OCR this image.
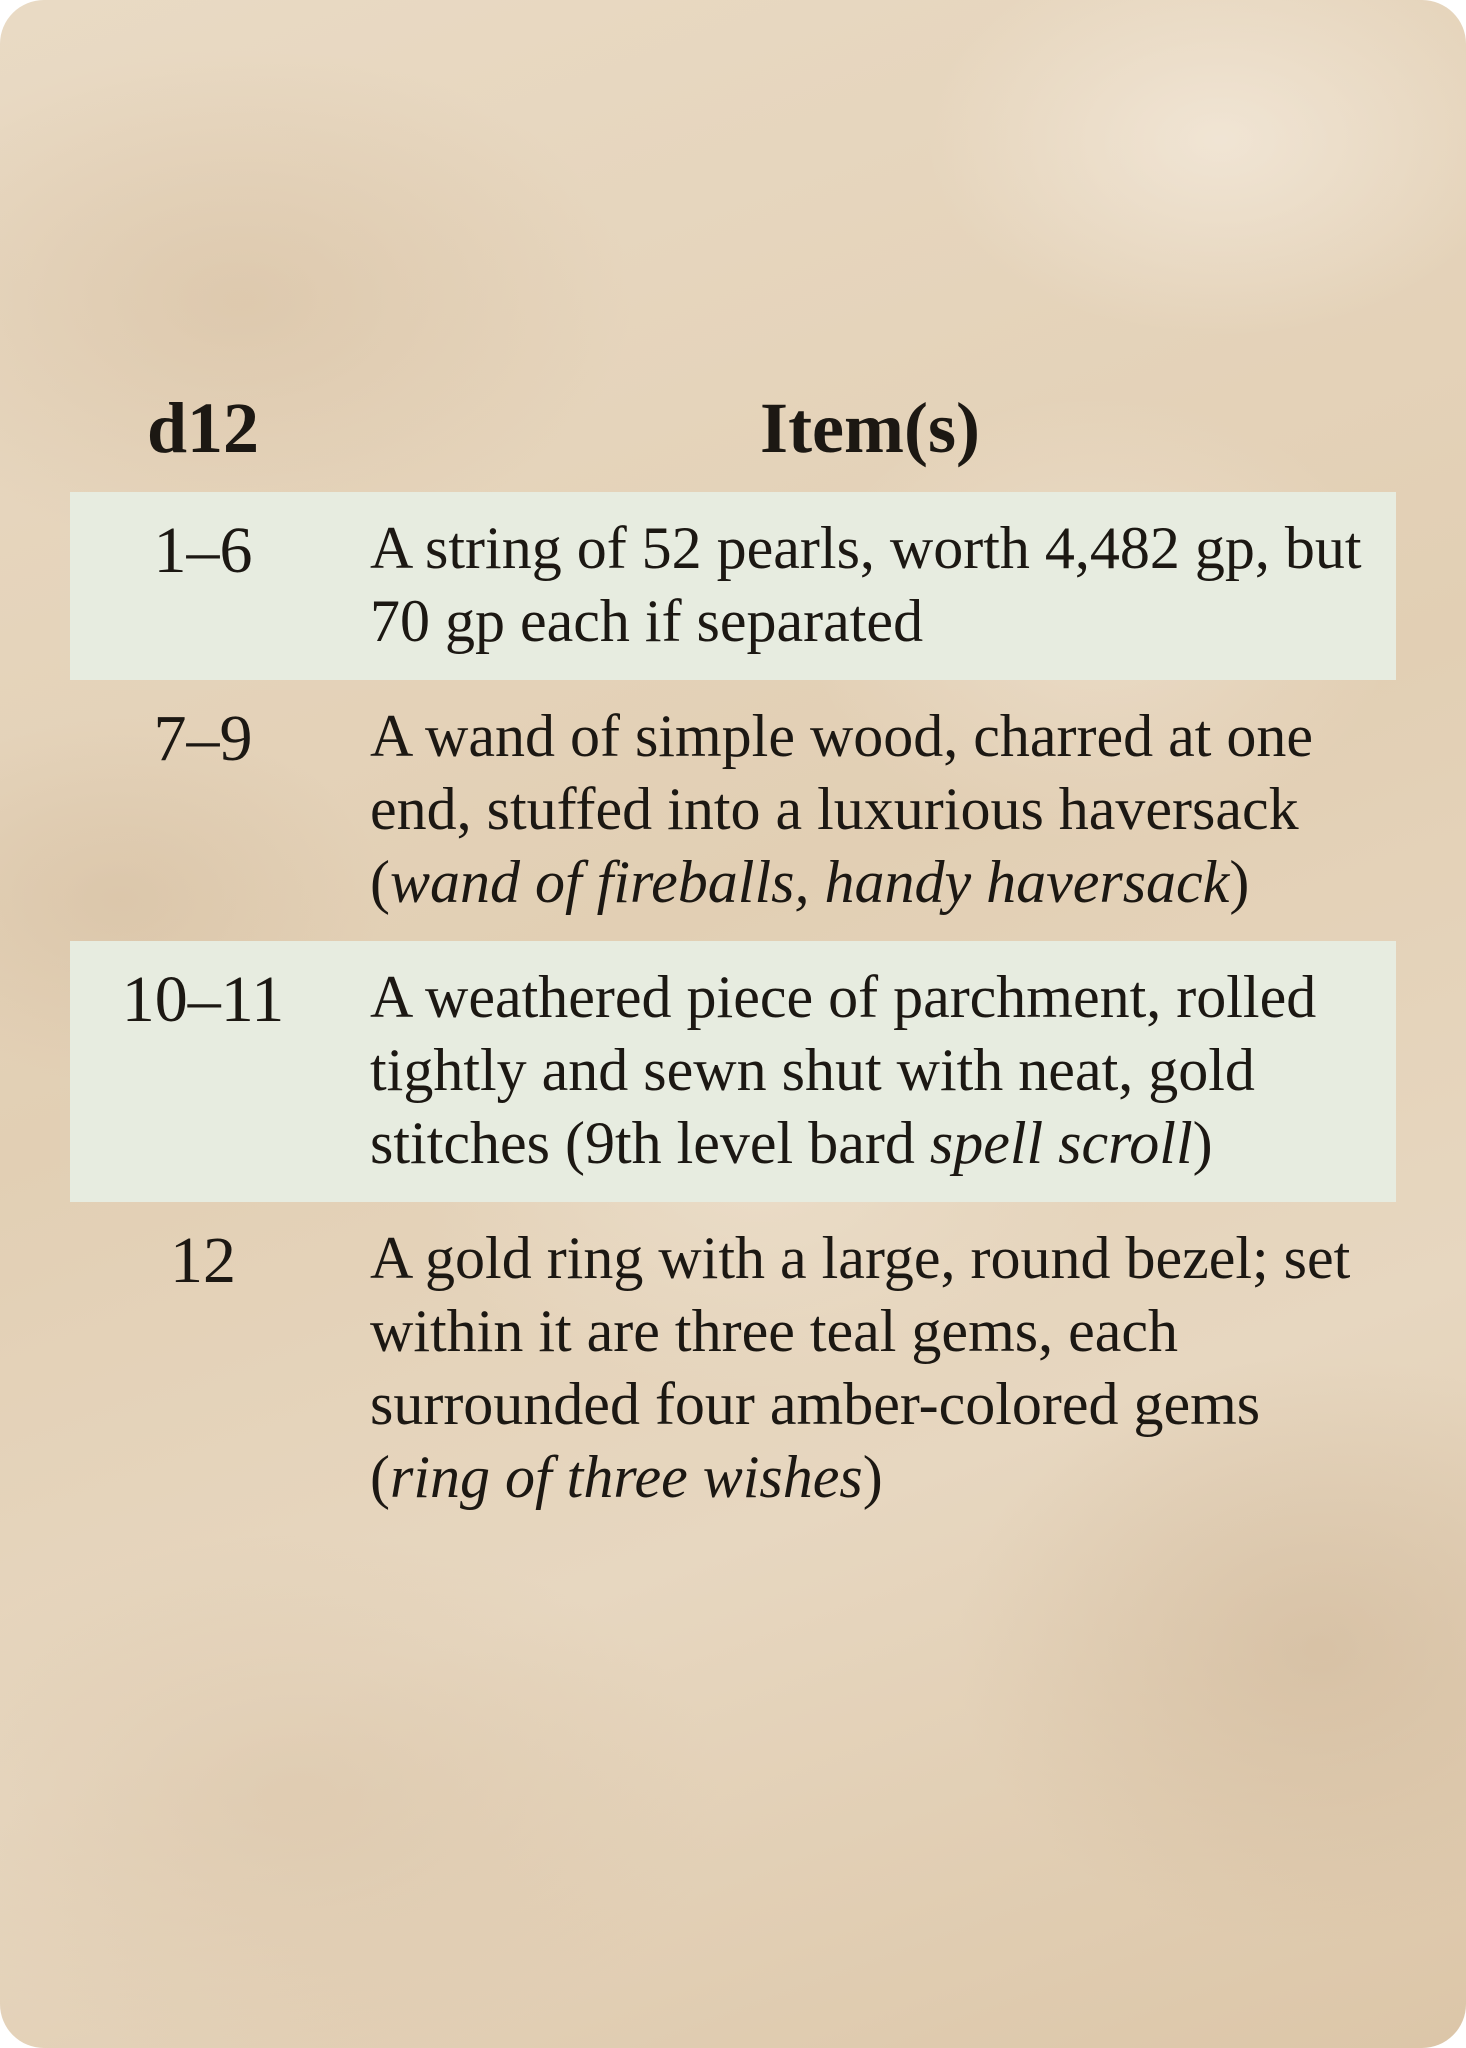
d12	Item(s)
1–6	A string of 52 pearls, worth 4,482 gp, but 70 gp each if separated
7–9	A wand of simple wood, charred at one end, stuffed into a luxurious haversack (wand of fireballs, handy haversack)
10–11	A weathered piece of parchment, rolled tightly and sewn shut with neat, gold stitches (9th level bard spell scroll)
12	A gold ring with a large, round bezel; set within it are three teal gems, each surrounded four amber-colored gems (ring of three wishes)
